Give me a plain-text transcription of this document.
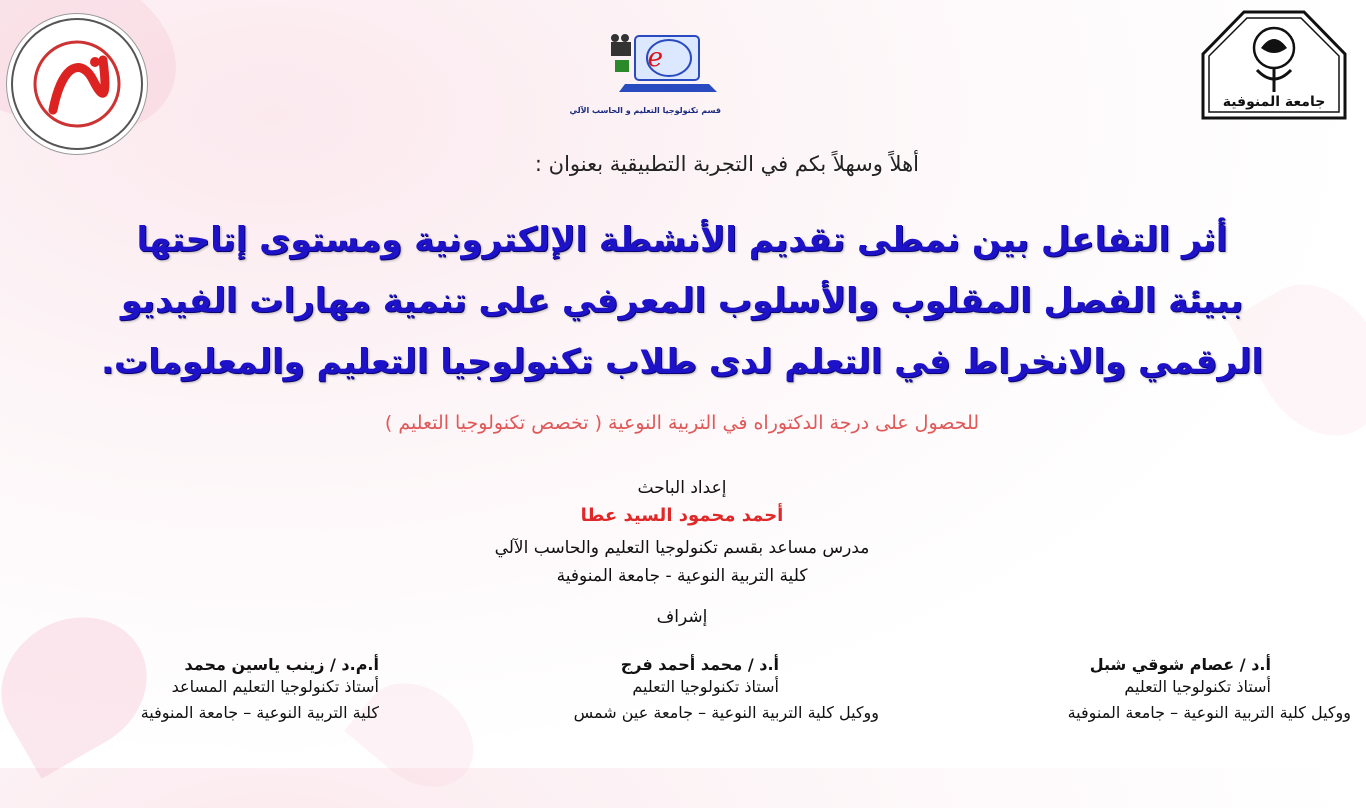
e
قسم تكنولوجيا التعليم و الحاسب الآلي
جامعة المنوفية
أهلاً وسهلاً بكم في التجربة التطبيقية بعنوان :
أثر التفاعل بين نمطى تقديم الأنشطة الإلكترونية ومستوى إتاحتها
ببيئة الفصل المقلوب والأسلوب المعرفي على تنمية مهارات الفيديو
الرقمي والانخراط في التعلم لدى طلاب تكنولوجيا التعليم والمعلومات.
للحصول على درجة الدكتوراه في التربية النوعية ( تخصص تكنولوجيا التعليم )
إعداد الباحث
أحمد محمود السيد عطا
مدرس مساعد بقسم تكنولوجيا التعليم والحاسب الآلي
كلية التربية النوعية - جامعة المنوفية
إشراف
أ.د / عصام شوقي شبل
أستاذ تكنولوجيا التعليم
ووكيل كلية التربية النوعية – جامعة المنوفية
أ.د / محمد أحمد فرج
أستاذ تكنولوجيا التعليم
ووكيل كلية التربية النوعية – جامعة عين شمس
أ.م.د / زينب ياسين محمد
أستاذ تكنولوجيا التعليم المساعد
كلية التربية النوعية – جامعة المنوفية
